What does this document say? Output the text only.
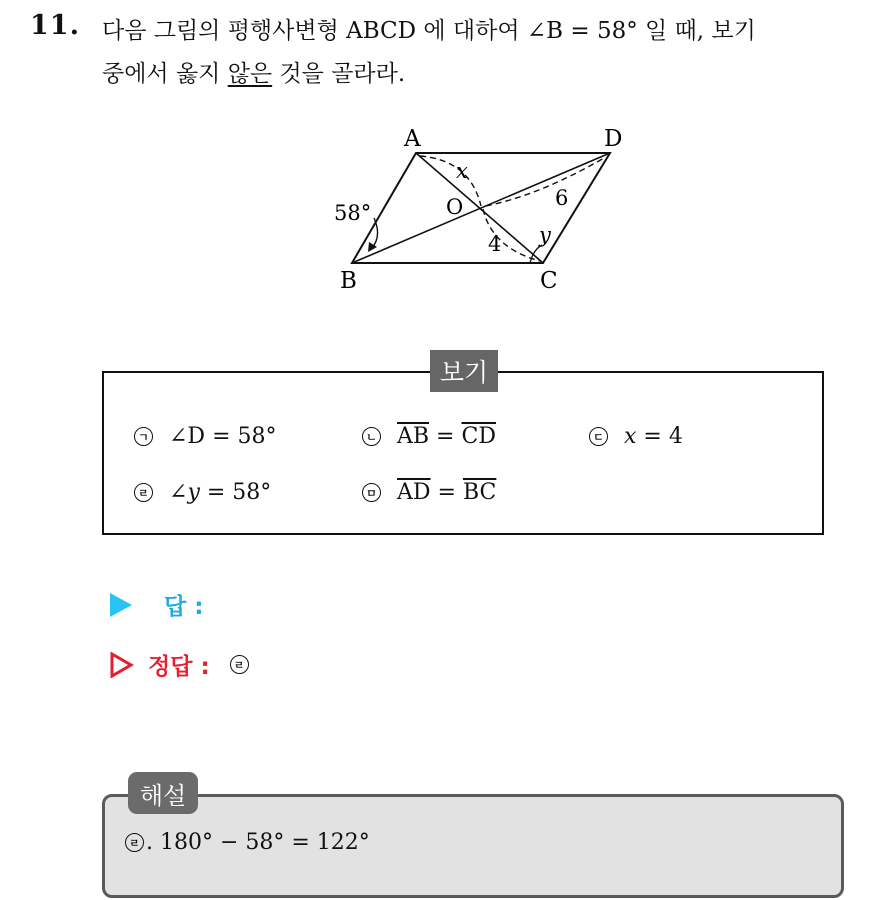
11. 다음 그림의 평행사변형 ABCD 에 대하여 ∠B = 58° 일 때, 보기
중에서 옳지 않은 것을 골라라.
A	D
B	C
O
58°
x
y
4
6
보기
ㄱ ∠D = 58°	ㄴ $\overline{AB} = \overline{CD}$	ㄷ x = 4
ㄹ ∠ y = 58°	ㅁ $\overline{AD} = \overline{BC}$
답 :
정답 :	ㄹ
해설
ㄹ . 180° − 58° = 122°
